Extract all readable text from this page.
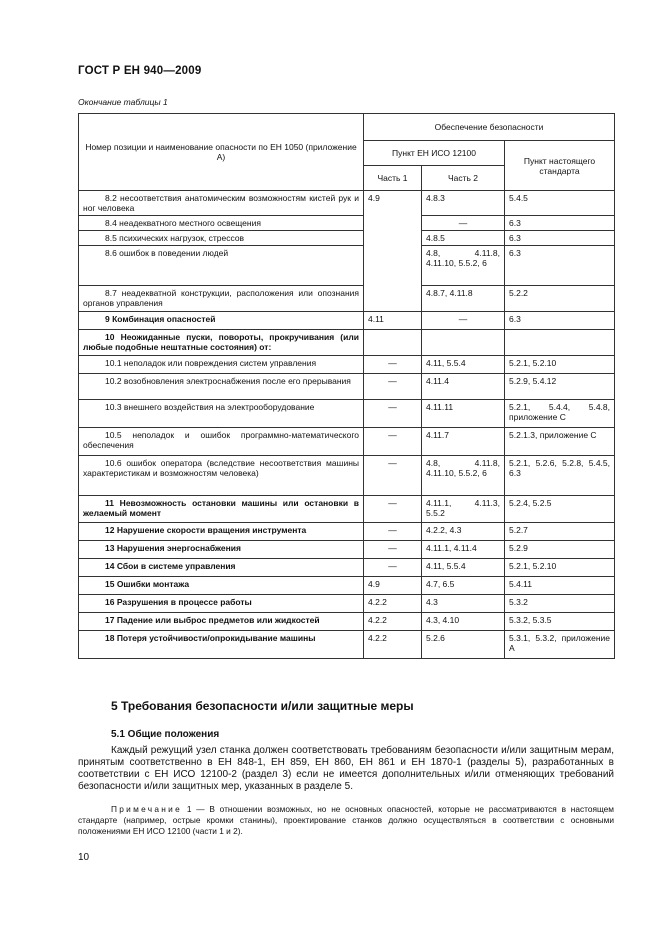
ГОСТ Р ЕН 940—2009
Окончание таблицы 1
Номер позиции и наименование опасности по ЕН 1050 (приложение А)	Обеспечение безопасности		
	Пункт ЕН ИСО 12100		Пункт настоящего стандарта
	Часть 1	Часть 2	
8.2 несоответствия анатомическим возможностям кистей рук и ног человека	4.9	4.8.3	5.4.5
8.4 неадекватного местного освещения		—	6.3
8.5 психических нагрузок, стрессов		4.8.5	6.3
8.6 ошибок в поведении людей		4.8, 4.11.8, 4.11.10, 5.5.2, 6	6.3
8.7 неадекватной конструкции, расположения или опознания органов управления		4.8.7, 4.11.8	5.2.2
9 Комбинация опасностей	4.11	—	6.3
10 Неожиданные пуски, повороты, прокручивания (или любые подобные нештатные состояния) от:			
10.1 неполадок или повреждения систем управления	—	4.11, 5.5.4	5.2.1, 5.2.10
10.2 возобновления электроснабжения после его прерывания	—	4.11.4	5.2.9, 5.4.12
10.3 внешнего воздействия на электрооборудование	—	4.11.11	5.2.1, 5.4.4, 5.4.8, приложение С
10.5 неполадок и ошибок программно-математического обеспечения	—	4.11.7	5.2.1.3, приложение С
10.6 ошибок оператора (вследствие несоответствия машины характеристикам и возможностям человека)	—	4.8, 4.11.8, 4.11.10, 5.5.2, 6	5.2.1, 5.2.6, 5.2.8, 5.4.5, 6.3
11 Невозможность остановки машины или остановки в желаемый момент	—	4.11.1, 4.11.3, 5.5.2	5.2.4, 5.2.5
12 Нарушение скорости вращения инструмента	—	4.2.2, 4.3	5.2.7
13 Нарушения энергоснабжения	—	4.11.1, 4.11.4	5.2.9
14 Сбои в системе управления	—	4.11, 5.5.4	5.2.1, 5.2.10
15 Ошибки монтажа	4.9	4.7, 6.5	5.4.11
16 Разрушения в процессе работы	4.2.2	4.3	5.3.2
17 Падение или выброс предметов или жидкостей	4.2.2	4.3, 4.10	5.3.2, 5.3.5
18 Потеря устойчивости/опрокидывание машины	4.2.2	5.2.6	5.3.1, 5.3.2, приложение А
5 Требования безопасности и/или защитные меры
5.1 Общие положения

Каждый режущий узел станка должен соответствовать требованиям безопасности и/или защитным мерам, принятым соответственно в ЕН 848-1, ЕН 859, ЕН 860, ЕН 861 и ЕН 1870-1 (разделы 5), разработанных в соответствии с ЕН ИСО 12100-2 (раздел 3) если не имеется дополнительных и/или отменяющих требований безопасности и/или защитных мер, указанных в разделе 5.

Примечание 1 — В отношении возможных, но не основных опасностей, которые не рассматриваются в настоящем стандарте (например, острые кромки станины), проектирование станков должно осуществляться в соответствии с основными положениями ЕН ИСО 12100 (части 1 и 2).

10
